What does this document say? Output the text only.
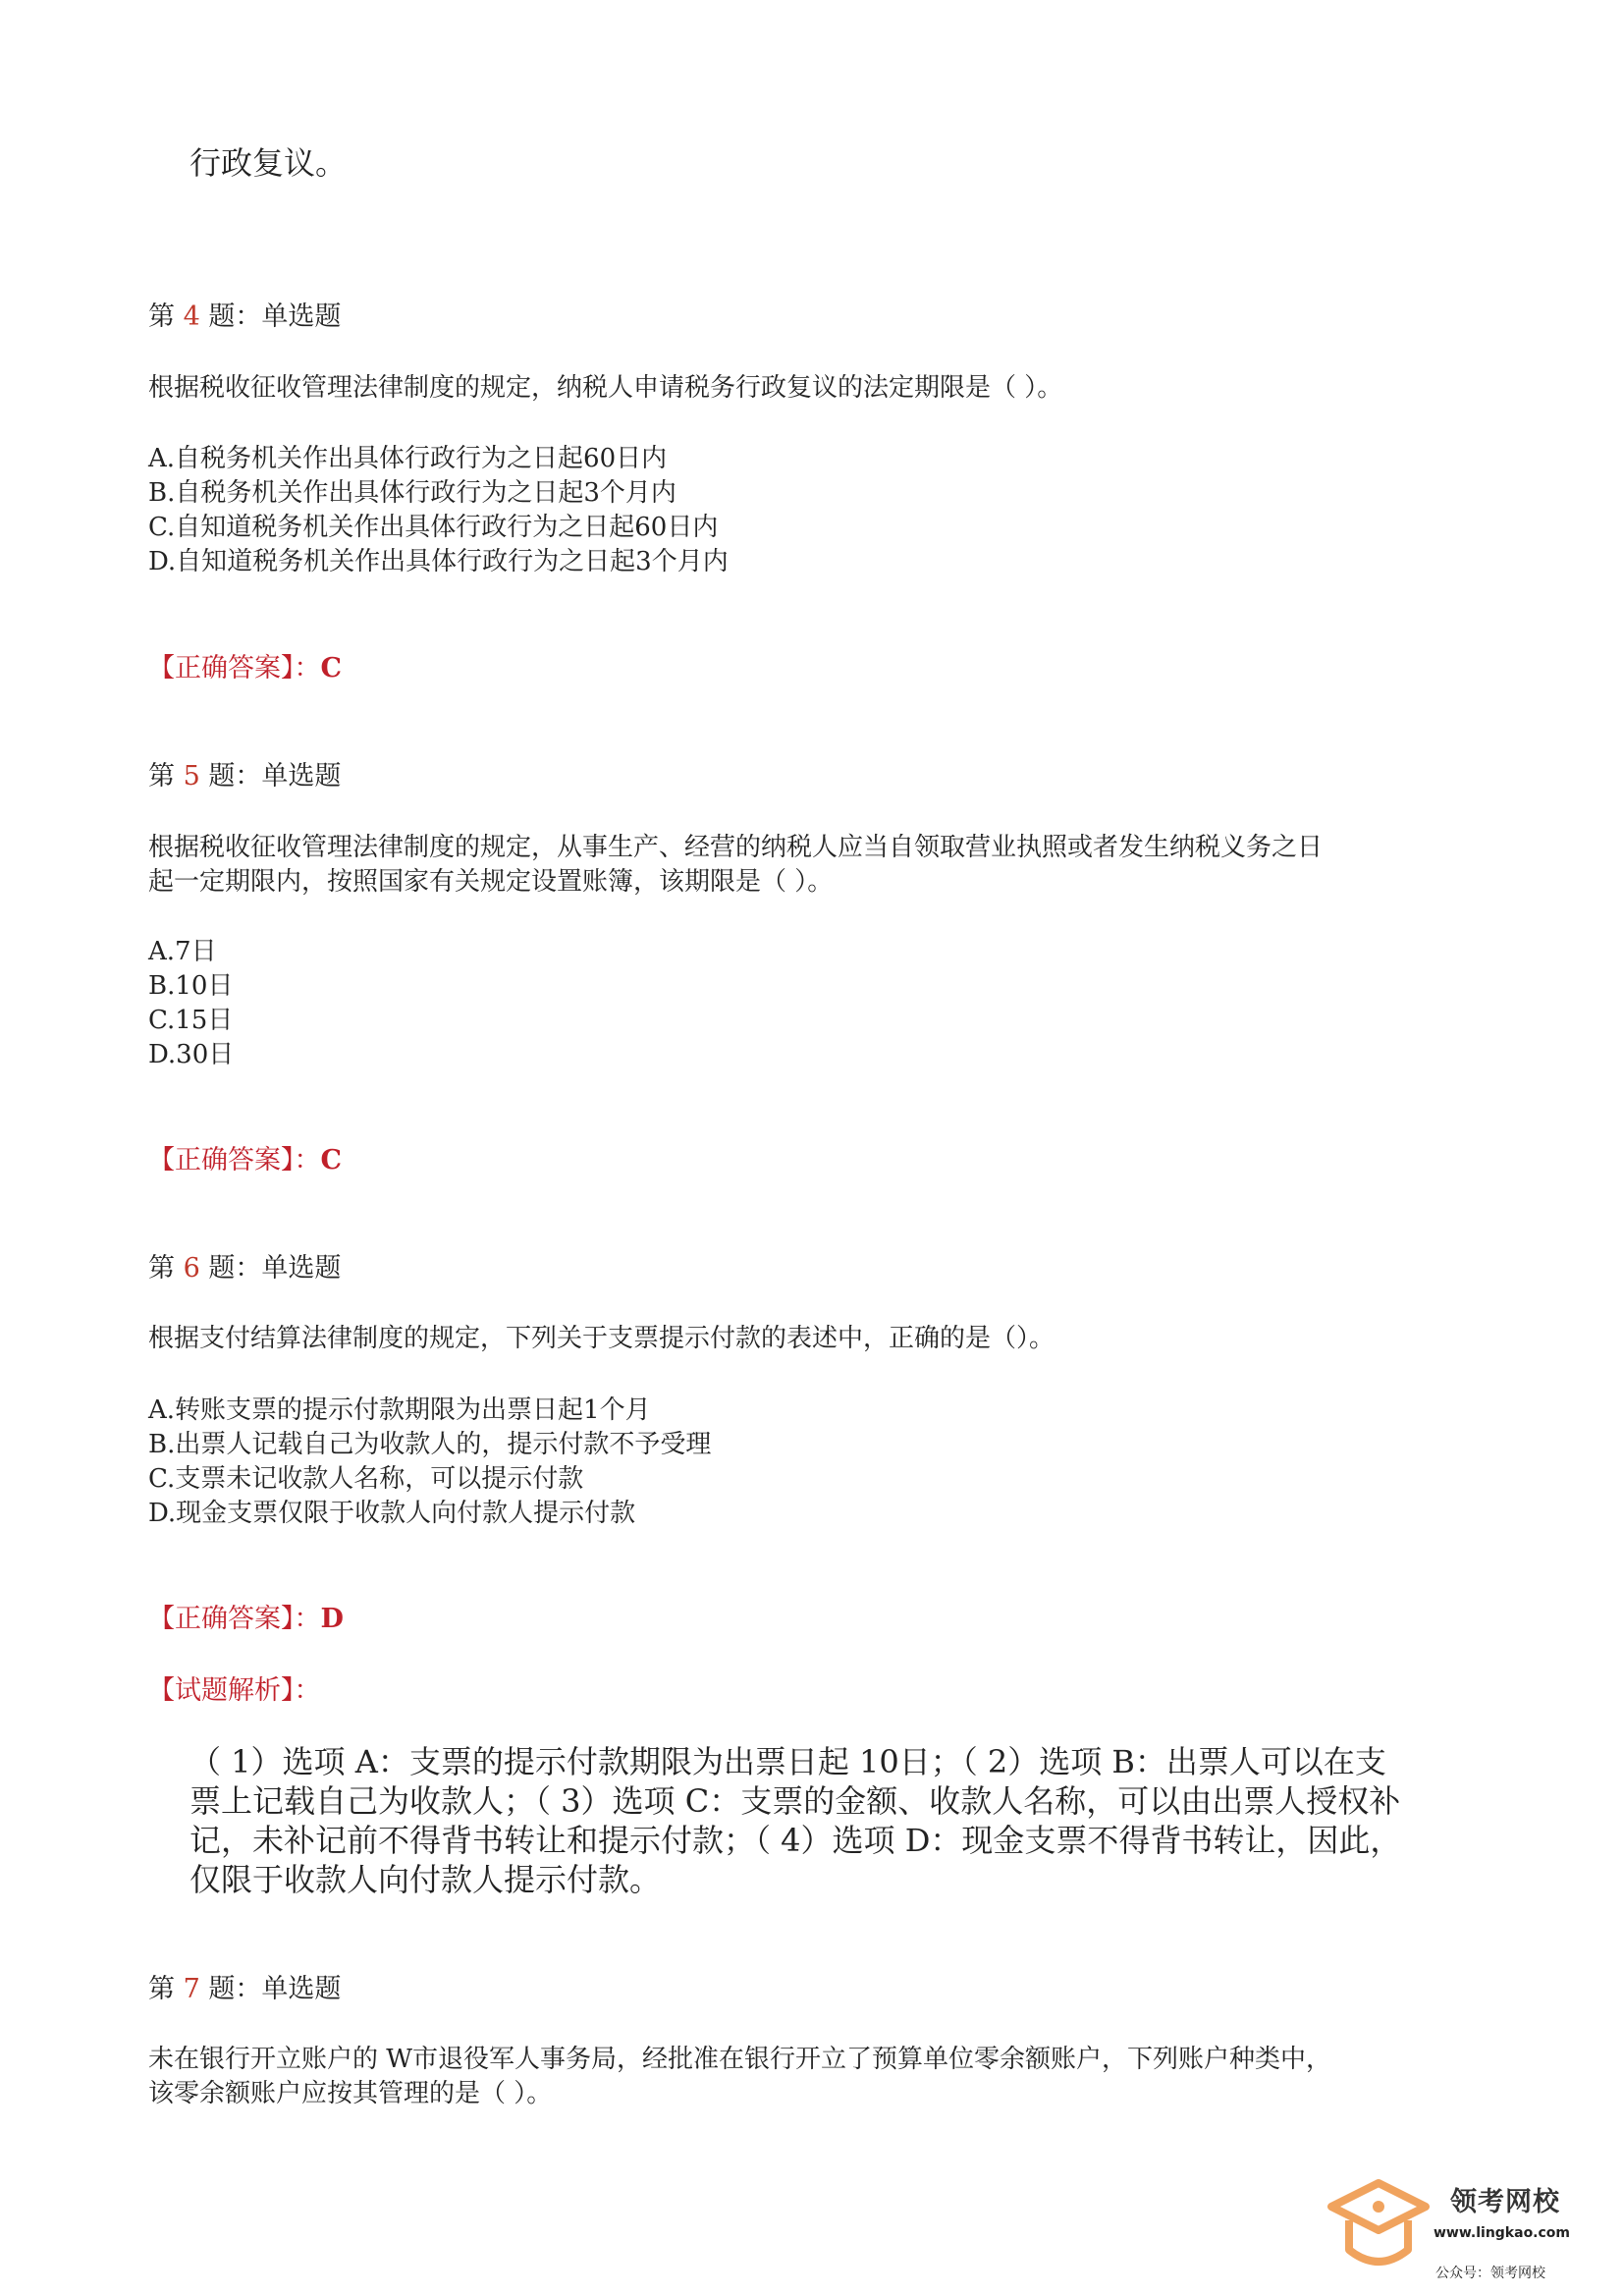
行政复议。
第 4 题：单选题
根据税收征收管理法律制度的规定，纳税人申请税务行政复议的法定期限是（ ）。
A.自税务机关作出具体行政行为之日起60日内
B.自税务机关作出具体行政行为之日起3个月内
C.自知道税务机关作出具体行政行为之日起60日内
D.自知道税务机关作出具体行政行为之日起3个月内
【正确答案】：C
第 5 题：单选题
根据税收征收管理法律制度的规定，从事生产、经营的纳税人应当自领取营业执照或者发生纳税义务之日
起一定期限内，按照国家有关规定设置账簿，该期限是（ ）。
A.7日
B.10日
C.15日
D.30日
【正确答案】：C
第 6 题：单选题
根据支付结算法律制度的规定，下列关于支票提示付款的表述中，正确的是（）。
A.转账支票的提示付款期限为出票日起1个月
B.出票人记载自己为收款人的，提示付款不予受理
C.支票未记收款人名称，可以提示付款
D.现金支票仅限于收款人向付款人提示付款
【正确答案】：D
【试题解析】：
（ 1）选项 A：支票的提示付款期限为出票日起 10日；（ 2）选项 B：出票人可以在支
票上记载自己为收款人；（ 3）选项 C：支票的金额、收款人名称，可以由出票人授权补
记，未补记前不得背书转让和提示付款；（ 4）选项 D：现金支票不得背书转让，因此，
仅限于收款人向付款人提示付款。
第 7 题：单选题
未在银行开立账户的 W市退役军人事务局，经批准在银行开立了预算单位零余额账户，下列账户种类中，
该零余额账户应按其管理的是（ ）。
领考网校
www.lingkao.com
公众号：领考网校
